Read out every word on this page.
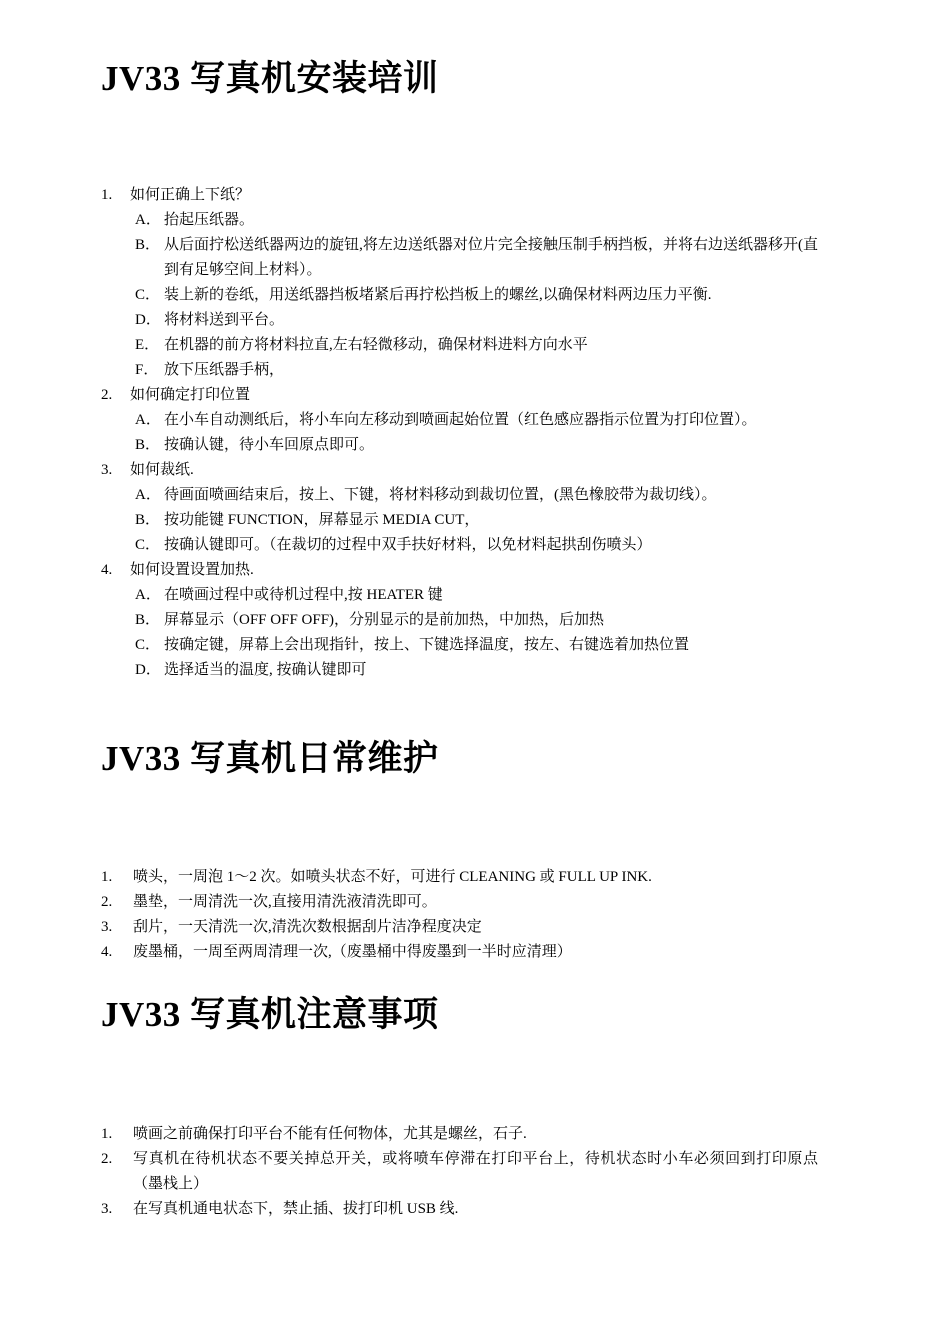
JV33 写真机安装培训
1.	如何正确上下纸？
A． 抬起压纸器。
B． 从后面拧松送纸器两边的旋钮,将左边送纸器对位片完全接触压制手柄挡板，并将右边送纸器移开(直到有足够空间上材料）。
C． 装上新的卷纸，用送纸器挡板堵紧后再拧松挡板上的螺丝,以确保材料两边压力平衡.
D． 将材料送到平台。
E． 在机器的前方将材料拉直,左右轻微移动，确保材料进料方向水平
F． 放下压纸器手柄，
2.	如何确定打印位置
A． 在小车自动测纸后，将小车向左移动到喷画起始位置（红色感应器指示位置为打印位置）。
B． 按确认键，待小车回原点即可。
3.	如何裁纸.
A． 待画面喷画结束后，按上、下键，将材料移动到裁切位置，(黑色橡胶带为裁切线）。
B． 按功能键 FUNCTION，屏幕显示 MEDIA CUT，
C． 按确认键即可。（在裁切的过程中双手扶好材料，以免材料起拱刮伤喷头）
4.	如何设置设置加热.
A． 在喷画过程中或待机过程中,按 HEATER 键
B． 屏幕显示（OFF OFF OFF)，分别显示的是前加热，中加热，后加热
C． 按确定键，屏幕上会出现指针，按上、下键选择温度，按左、右键选着加热位置
D． 选择适当的温度, 按确认键即可
JV33 写真机日常维护
1.	喷头，一周泡 1～2 次。如喷头状态不好，可进行 CLEANING 或 FULL UP INK.
2.	墨垫，一周清洗一次,直接用清洗液清洗即可。
3.	刮片，一天清洗一次,清洗次数根据刮片洁净程度决定
4.	废墨桶，一周至两周清理一次,（废墨桶中得废墨到一半时应清理）
JV33 写真机注意事项
1.	喷画之前确保打印平台不能有任何物体，尤其是螺丝，石子.
2.	写真机在待机状态不要关掉总开关，或将喷车停滞在打印平台上，待机状态时小车必须回到打印原点（墨栈上）
3.	在写真机通电状态下，禁止插、拔打印机 USB 线.
